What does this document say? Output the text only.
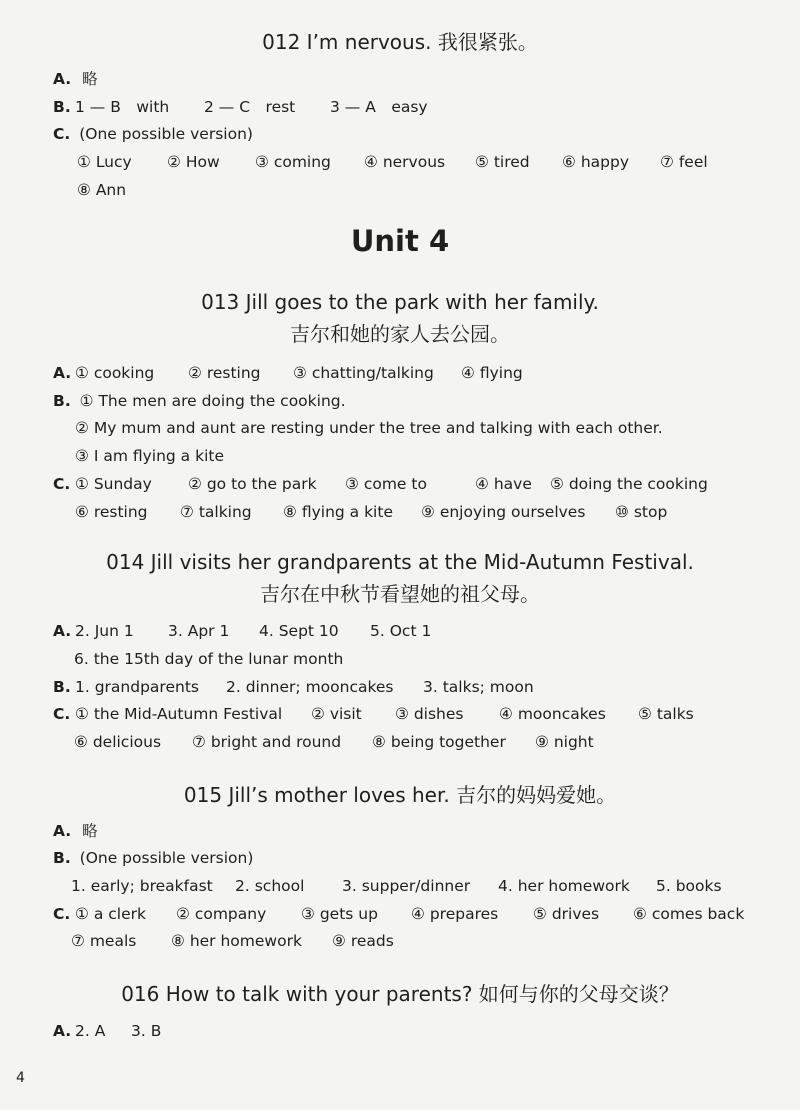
012 I’m nervous. 我很紧张。
A. 略
B. 1 — B　with 2 — C　rest 3 — A　easy
C. (One possible version)
① Lucy ② How ③ coming ④ nervous ⑤ tired ⑥ happy ⑦ feel
⑧ Ann
Unit 4
013 Jill goes to the park with her family.
吉尔和她的家人去公园。
A. ① cooking ② resting ③ chatting/talking ④ flying
B. ① The men are doing the cooking.
② My mum and aunt are resting under the tree and talking with each other.
③ I am flying a kite
C. ① Sunday ② go to the park ③ come to	④ have ⑤ doing the cooking
⑥ resting ⑦ talking ⑧ flying a kite ⑨ enjoying ourselves ⑩ stop
014 Jill visits her grandparents at the Mid-Autumn Festival.
吉尔在中秋节看望她的祖父母。
A. 2. Jun 1 3. Apr 1 4. Sept 10 5. Oct 1
6. the 15th day of the lunar month
B. 1. grandparents 2. dinner; mooncakes 3. talks; moon
C. ① the Mid-Autumn Festival ② visit ③ dishes ④ mooncakes ⑤ talks
⑥ delicious ⑦ bright and round ⑧ being together ⑨ night
015 Jill’s mother loves her. 吉尔的妈妈爱她。
A. 略
B. (One possible version)
1. early; breakfast 2. school 3. supper/dinner 4. her homework 5. books
C. ① a clerk ② company ③ gets up ④ prepares ⑤ drives ⑥ comes back
⑦ meals ⑧ her homework ⑨ reads
016 How to talk with your parents? 如何与你的父母交谈？
A. 2. A 3. B
4
